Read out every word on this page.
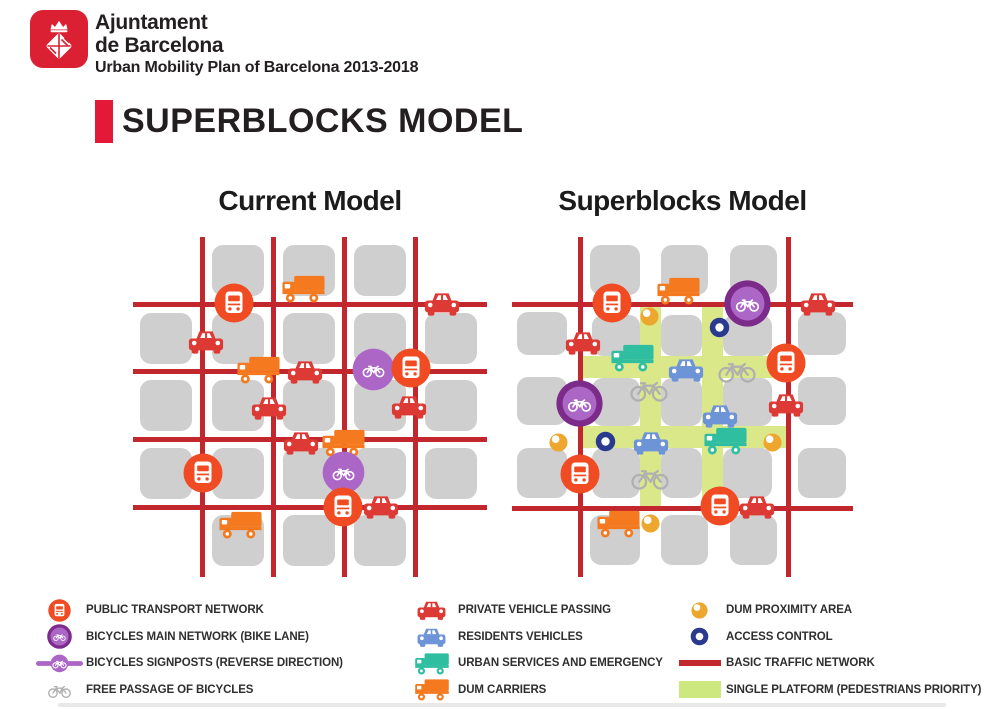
Ajuntament
de Barcelona
Urban Mobility Plan of Barcelona 2013-2018
SUPERBLOCKS MODEL
Current Model	Superblocks Model
PUBLIC TRANSPORT NETWORK
BICYCLES MAIN NETWORK (BIKE LANE)
BICYCLES SIGNPOSTS (REVERSE DIRECTION)
FREE PASSAGE OF BICYCLES
PRIVATE VEHICLE PASSING
RESIDENTS VEHICLES
URBAN SERVICES AND EMERGENCY
DUM CARRIERS
DUM PROXIMITY AREA
ACCESS CONTROL
BASIC TRAFFIC NETWORK
SINGLE PLATFORM (PEDESTRIANS PRIORITY)
